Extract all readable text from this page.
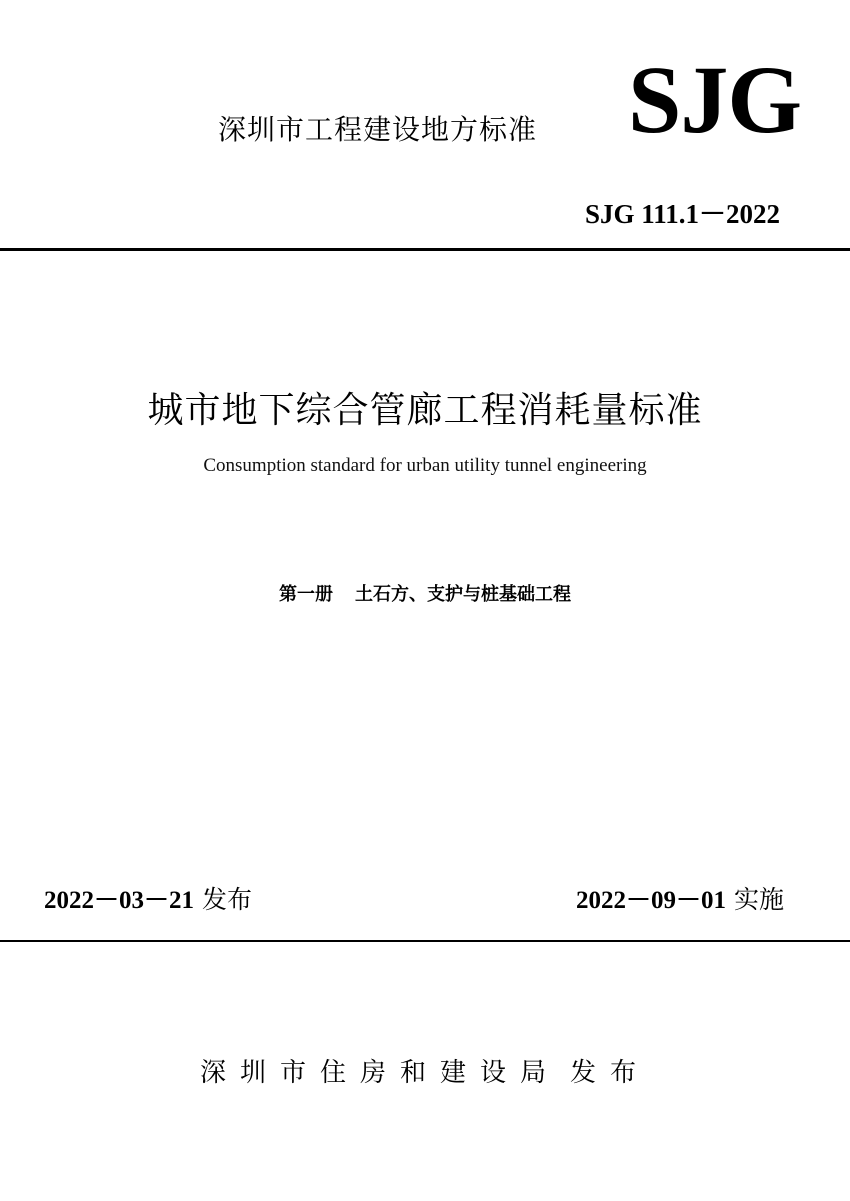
深圳市工程建设地方标准 SJG
SJG 111.1－2022
城市地下综合管廊工程消耗量标准
Consumption standard for urban utility tunnel engineering
第一册 土石方、支护与桩基础工程
2022－03－21 发布	2022－09－01 实施
深圳市住房和建设局 发布
